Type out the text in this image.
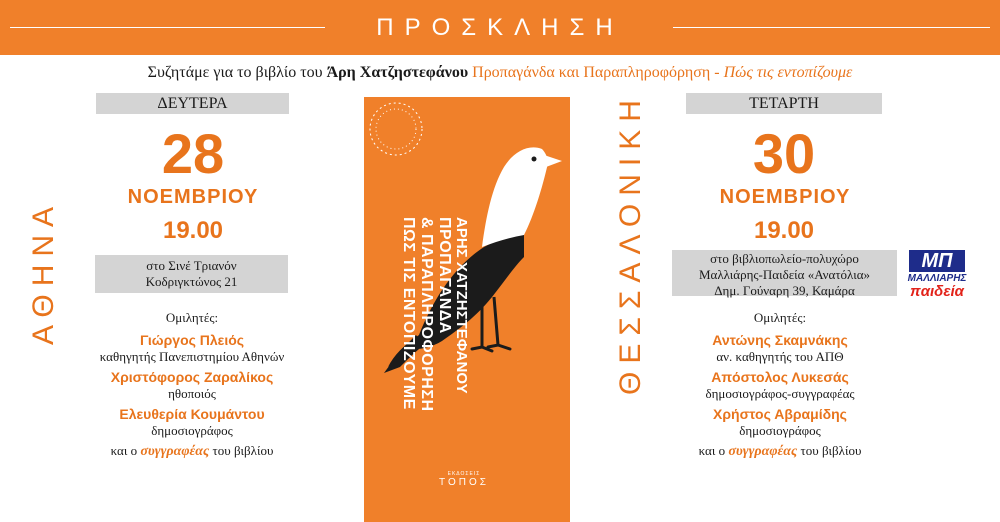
ΠΡΟΣΚΛΗΣΗ
Συζητάμε για το βιβλίο του Άρη Χατζηστεφάνου Προπαγάνδα και Παραπληροφόρηση - Πώς τις εντοπίζουμε
ΔΕΥΤΕΡΑ
28
ΝΟΕΜΒΡΙΟΥ
19.00
στο Σινέ Τριανόν
Κοδριγκτώνος 21
ΑΘΗΝΑ	Ομιλητές:
Γιώργος Πλειός
καθηγητής Πανεπιστημίου Αθηνών
Χριστόφορος Ζαραλίκος
ηθοποιός
Ελευθερία Κουμάντου
δημοσιογράφος
και ο συγγραφέας του βιβλίου
ΑΡΗΣ ΧΑΤΖΗΣΤΕΦΑΝΟΥ
ΠΡΟΠΑΓΑΝΔΑ
& ΠΑΡΑΠΛΗΡΟΦΟΡΗΣΗ
ΠΩΣ ΤΙΣ ΕΝΤΟΠΙΖΟΥΜΕ
ΕΚΔΟΣΕΙΣ
ΤΟΠΟΣ
ΤΕΤΑΡΤΗ
30
ΝΟΕΜΒΡΙΟΥ
19.00
στο βιβλιοπωλείο-πολυχώρο
Μαλλιάρης-Παιδεία «Ανατόλια»
Δημ. Γούναρη 39, Καμάρα
ΜΠ
ΜΑΛΛΙΑΡΗΣ
παιδεία
ΘΕΣΣΑΛΟΝΙΚΗ	Ομιλητές:
Αντώνης Σκαμνάκης
αν. καθηγητής του ΑΠΘ
Απόστολος Λυκεσάς
δημοσιογράφος-συγγραφέας
Χρήστος Αβραμίδης
δημοσιογράφος
και ο συγγραφέας του βιβλίου
